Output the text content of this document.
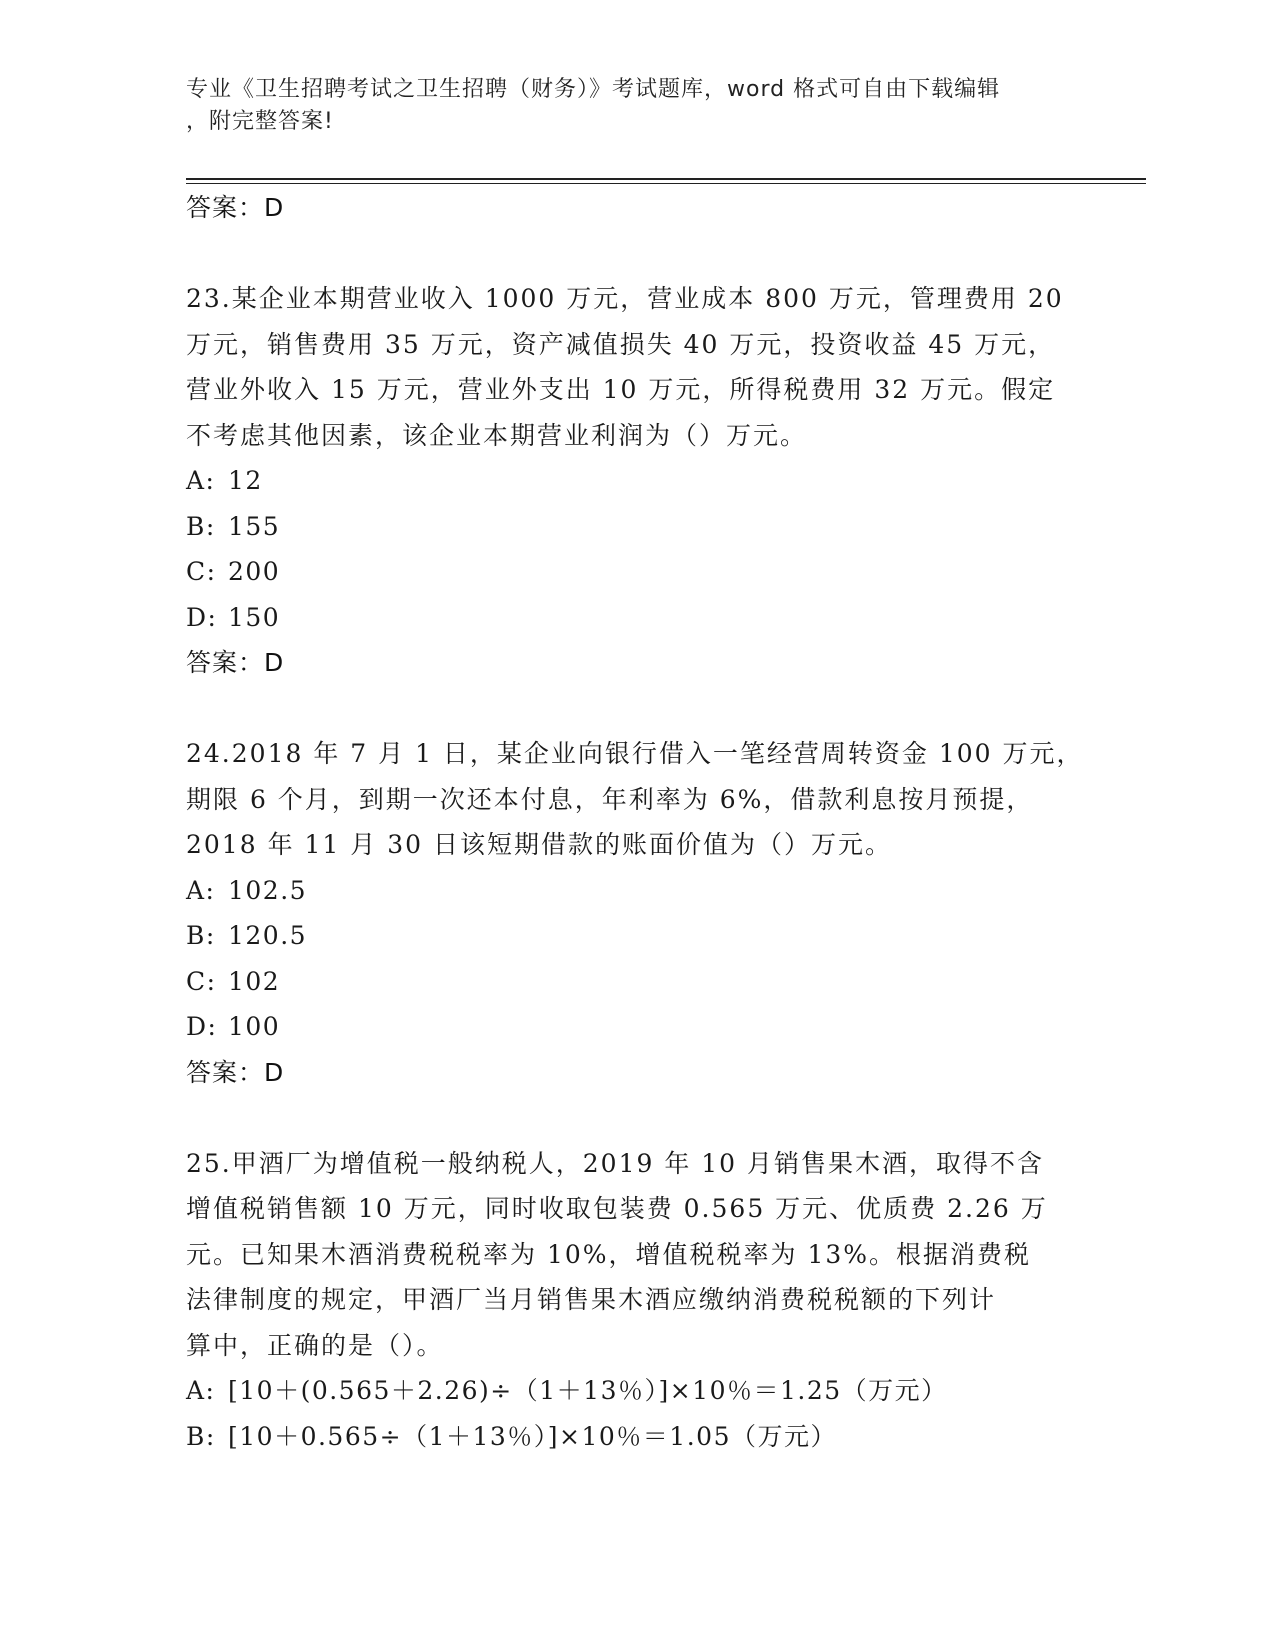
专业《卫生招聘考试之卫生招聘（财务）》考试题库，word 格式可自由下载编辑
，附完整答案!
答案：D
23.某企业本期营业收入 1000 万元，营业成本 800 万元，管理费用 20
万元，销售费用 35 万元，资产减值损失 40 万元，投资收益 45 万元，
营业外收入 15 万元，营业外支出 10 万元，所得税费用 32 万元。假定
不考虑其他因素，该企业本期营业利润为（）万元。
A: 12
B: 155
C: 200
D: 150
答案：D
24.2018 年 7 月 1 日，某企业向银行借入一笔经营周转资金 100 万元，
期限 6 个月，到期一次还本付息，年利率为 6%，借款利息按月预提，
2018 年 11 月 30 日该短期借款的账面价值为（）万元。
A: 102.5
B: 120.5
C: 102
D: 100
答案：D
25.甲酒厂为增值税一般纳税人，2019 年 10 月销售果木酒，取得不含
增值税销售额 10 万元，同时收取包装费 0.565 万元、优质费 2.26 万
元。已知果木酒消费税税率为 10%，增值税税率为 13%。根据消费税
法律制度的规定，甲酒厂当月销售果木酒应缴纳消费税税额的下列计
算中，正确的是（）。
A: [10＋(0.565＋2.26)÷（1＋13％）]×10％＝1.25（万元）
B: [10＋0.565÷（1＋13％）]×10％＝1.05（万元）
